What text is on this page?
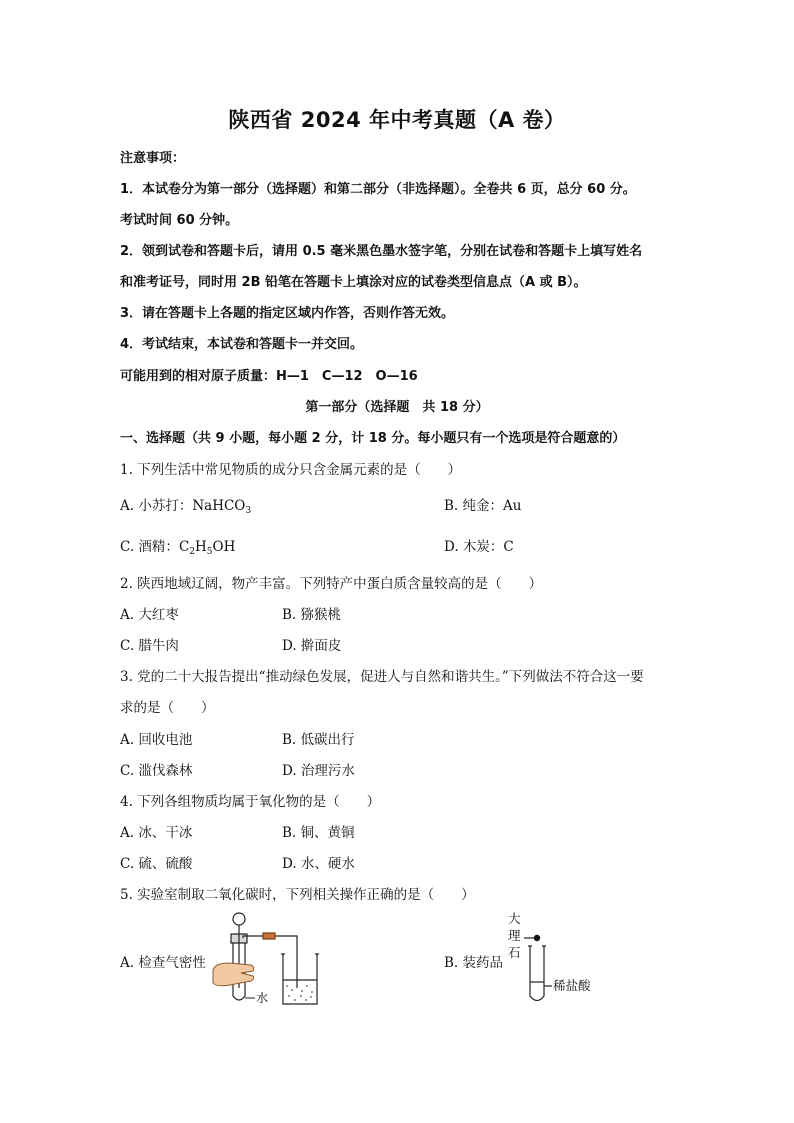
陕西省 2024 年中考真题（A 卷）
注意事项：
1．本试卷分为第一部分（选择题）和第二部分（非选择题）。全卷共 6 页，总分 60 分。
考试时间 60 分钟。
2．领到试卷和答题卡后，请用 0.5 毫米黑色墨水签字笔，分别在试卷和答题卡上填写姓名
和准考证号，同时用 2B 铅笔在答题卡上填涂对应的试卷类型信息点（A 或 B）。
3．请在答题卡上各题的指定区域内作答，否则作答无效。
4．考试结束，本试卷和答题卡一并交回。
可能用到的相对原子质量：H—1　C—12　O—16
第一部分（选择题　共 18 分）
一、选择题（共 9 小题，每小题 2 分，计 18 分。每小题只有一个选项是符合题意的）
1. 下列生活中常见物质的成分只含金属元素的是（　　）
A. 小苏打：NaHCO$_3$	B. 纯金：Au
C. 酒精：$C_2H_5OH$	D. 木炭：C
2. 陕西地域辽阔，物产丰富。下列特产中蛋白质含量较高的是（　　）
A. 大红枣	B. 猕猴桃
C. 腊牛肉	D. 擀面皮
3. 党的二十大报告提出“推动绿色发展，促进人与自然和谐共生。”下列做法不符合这一要
求的是（　　）
A. 回收电池	B. 低碳出行
C. 滥伐森林	D. 治理污水
4. 下列各组物质均属于氧化物的是（　　）
A. 冰、干冰	B. 铜、黄铜
C. 硫、硫酸	D. 水、硬水
5. 实验室制取二氧化碳时，下列相关操作正确的是（　　）
A. 检查气密性	B. 装药品
水
大
理
石
稀盐酸
